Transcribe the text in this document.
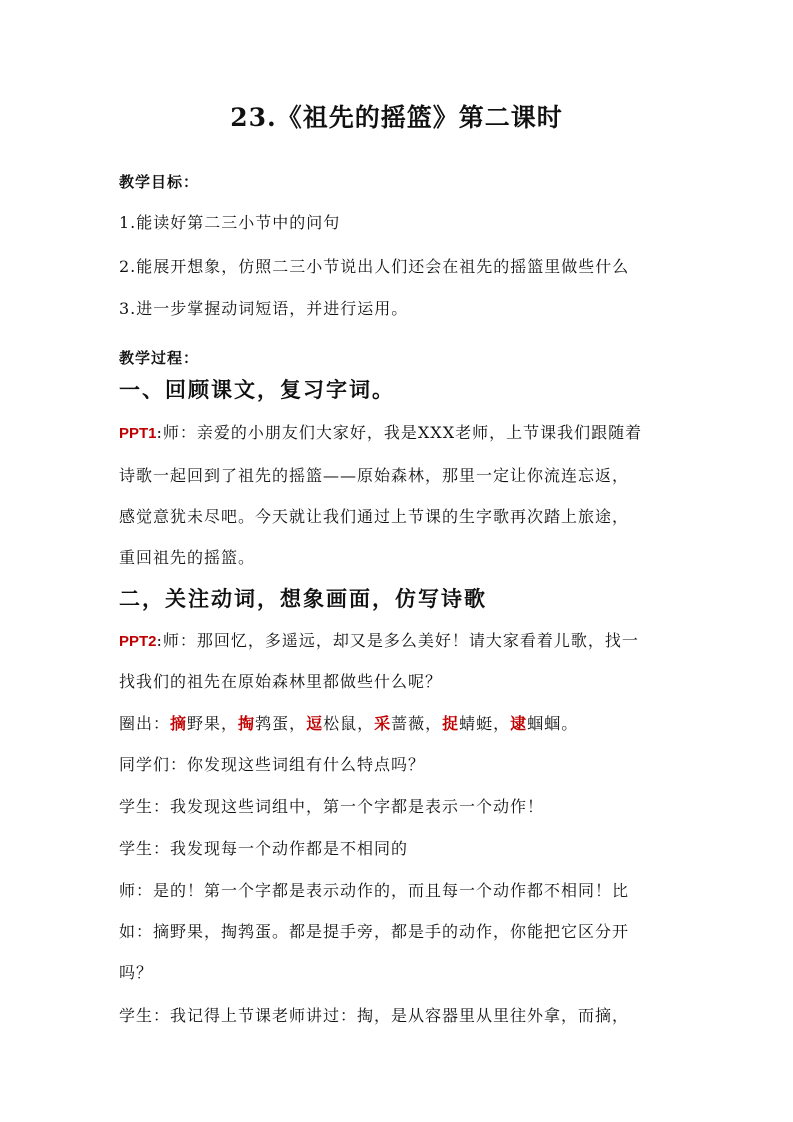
23.《祖先的摇篮》第二课时
教学目标：
1.能读好第二三小节中的问句
2.能展开想象，仿照二三小节说出人们还会在祖先的摇篮里做些什么
3.进一步掌握动词短语，并进行运用。
教学过程：
一、回顾课文，复习字词。
PPT1:师：亲爱的小朋友们大家好，我是XXX老师，上节课我们跟随着
诗歌一起回到了祖先的摇篮——原始森林，那里一定让你流连忘返，
感觉意犹未尽吧。今天就让我们通过上节课的生字歌再次踏上旅途，
重回祖先的摇篮。
二，关注动词，想象画面，仿写诗歌
PPT2:师：那回忆，多遥远，却又是多么美好！请大家看着儿歌，找一
找我们的祖先在原始森林里都做些什么呢？
圈出：摘野果，掏鹁蛋，逗松鼠，采蔷薇，捉蜻蜓，逮蝈蝈。
同学们：你发现这些词组有什么特点吗？
学生：我发现这些词组中，第一个字都是表示一个动作！
学生：我发现每一个动作都是不相同的
师：是的！第一个字都是表示动作的，而且每一个动作都不相同！比
如：摘野果，掏鹁蛋。都是提手旁，都是手的动作，你能把它区分开
吗？
学生：我记得上节课老师讲过：掏，是从容器里从里往外拿，而摘，
